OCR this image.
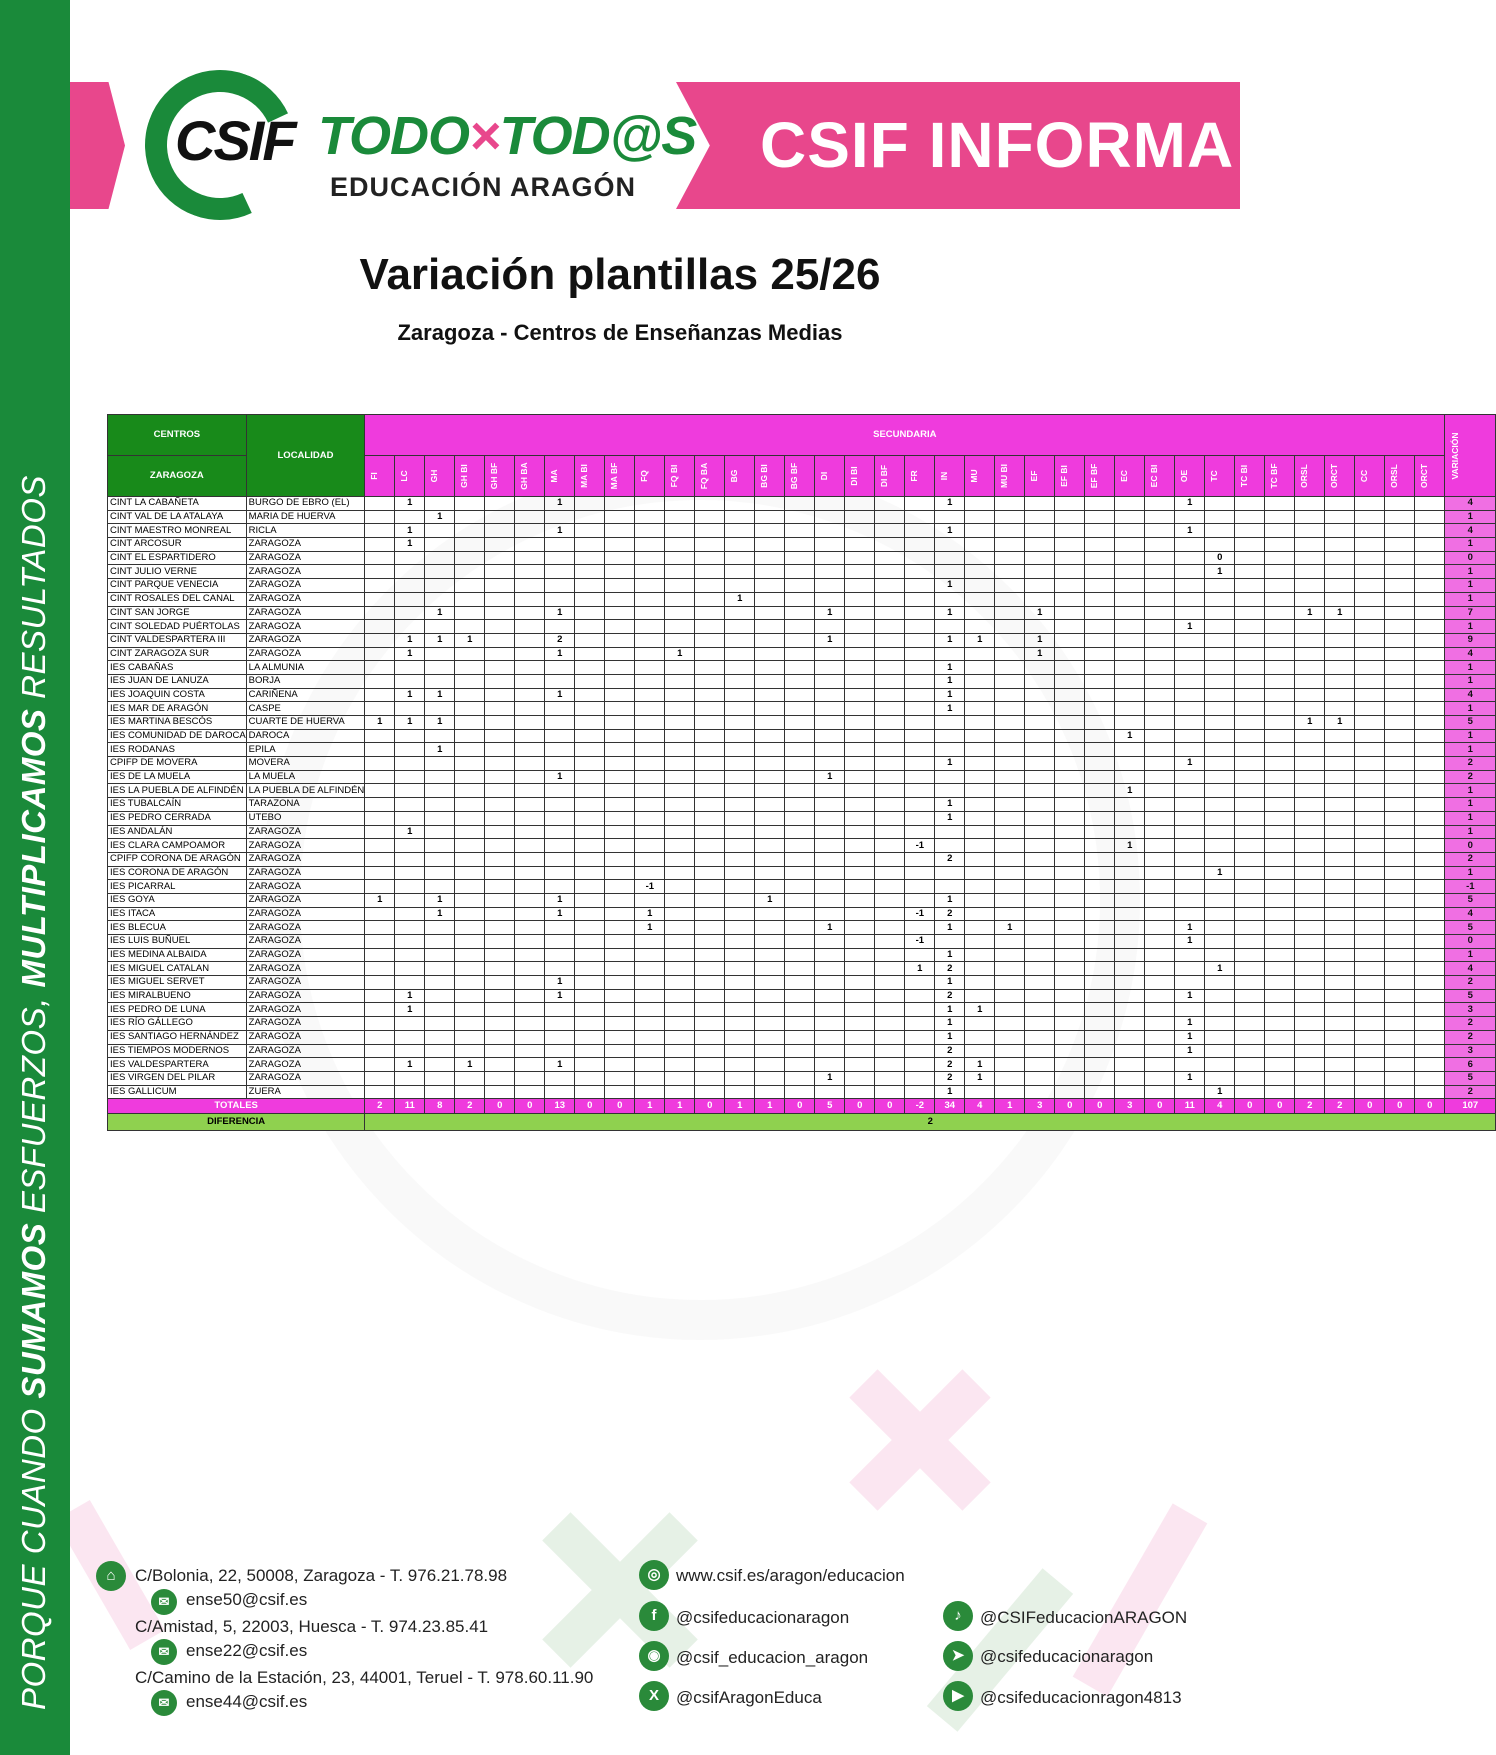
PORQUE CUANDO SUMAMOS ESFUERZOS, MULTIPLICAMOS RESULTADOS
CSIF TODO×TOD@S
EDUCACIÓN ARAGÓN
CSIF INFORMA
Variación plantillas 25/26
Zaragoza - Centros de Enseñanzas Medias
CENTROS	LOCALIDAD	SECUNDARIA																																				VARIACIÓN

ZARAGOZA		FI	LC	GH	GH BI	GH BF	GH BA	MA	MA BI	MA BF	FQ	FQ BI	FQ BA	BG	BG BI	BG BF	DI	DI BI	DI BF	FR	IN	MU	MU BI	EF	EF BI	EF BF	EC	EC BI	OE	TC	TC BI	TC BF	ORSL	ORCT	CC	ORSL	ORCT	

CINT LA CABAÑETA	BURGO DE EBRO (EL)		1					1													1								1									4
CINT VAL DE LA ATALAYA	MARIA DE HUERVA			1																																		1
CINT MAESTRO MONREAL	RICLA		1					1													1								1									4
CINT ARCOSUR	ZARAGOZA		1																																			1
CINT EL ESPARTIDERO	ZARAGOZA																													0								0
CINT JULIO VERNE	ZARAGOZA																													1								1
CINT PARQUE VENECIA	ZARAGOZA																				1																	1
CINT ROSALES DEL CANAL	ZARAGOZA													1																								1
CINT SAN JORGE	ZARAGOZA			1				1									1				1			1									1	1				7
CINT SOLEDAD PUÉRTOLAS	ZARAGOZA																												1									1
CINT VALDESPARTERA III	ZARAGOZA		1	1	1			2									1				1	1		1														9
CINT ZARAGOZA SUR	ZARAGOZA		1					1				1												1														4
IES CABAÑAS	LA ALMUNIA																				1																	1
IES JUAN DE LANUZA	BORJA																				1																	1
IES JOAQUIN COSTA	CARIÑENA		1	1				1													1																	4
IES MAR DE ARAGÓN	CASPE																				1																	1
IES MARTINA BESCÓS	CUARTE DE HUERVA	1	1	1																													1	1				5
IES COMUNIDAD DE DAROCA	DAROCA																										1											1
IES RODANAS	EPILA			1																																		1
CPIFP DE MOVERA	MOVERA																				1								1									2
IES DE LA MUELA	LA MUELA							1									1																					2
IES LA PUEBLA DE ALFINDÉN	LA PUEBLA DE ALFINDÉN																										1											1
IES TUBALCAÍN	TARAZONA																				1																	1
IES PEDRO CERRADA	UTEBO																				1																	1
IES ANDALÁN	ZARAGOZA		1																																			1
IES CLARA CAMPOAMOR	ZARAGOZA																			-1							1											0
CPIFP CORONA DE ARAGÓN	ZARAGOZA																				2																	2
IES CORONA DE ARAGÓN	ZARAGOZA																													1								1
IES PICARRAL	ZARAGOZA										-1																											-1
IES GOYA	ZARAGOZA	1		1				1							1						1																	5
IES ITACA	ZARAGOZA			1				1			1									-1	2																	4
IES BLECUA	ZARAGOZA										1						1				1		1						1									5
IES LUIS BUÑUEL	ZARAGOZA																			-1									1									0
IES MEDINA ALBAIDA	ZARAGOZA																				1																	1
IES MIGUEL CATALAN	ZARAGOZA																			1	2									1								4
IES MIGUEL SERVET	ZARAGOZA							1													1																	2
IES MIRALBUENO	ZARAGOZA		1					1													2								1									5
IES PEDRO DE LUNA	ZARAGOZA		1																		1	1																3
IES RÍO GÁLLEGO	ZARAGOZA																				1								1									2
IES SANTIAGO HERNÁNDEZ	ZARAGOZA																				1								1									2
IES TIEMPOS MODERNOS	ZARAGOZA																				2								1									3
IES VALDESPARTERA	ZARAGOZA		1		1			1													2	1																6
IES VIRGEN DEL PILAR	ZARAGOZA																1				2	1							1									5
IES GALLICUM	ZUERA																				1									1								2
TOTALES		2	11	8	2	0	0	13	0	0	1	1	0	1	1	0	5	0	0	-2	34	4	1	3	0	0	3	0	11	4	0	0	2	2	0	0	0	107
DIFERENCIA		2																																				
⌂	C/Bolonia, 22, 50008, Zaragoza - T. 976.21.78.98
✉ ense50@csif.es
C/Amistad, 5, 22003, Huesca - T. 974.23.85.41
✉ ense22@csif.es
C/Camino de la Estación, 23, 44001, Teruel - T. 978.60.11.90
✉ ense44@csif.es
◎ www.csif.es/aragon/educacion
f	@csifeducacionaragon
◉ @csif_educacion_aragon
X	@csifAragonEduca
♪	@CSIFeducacionARAGON
➤ @csifeducacionaragon
▶ @csifeducacionragon4813
